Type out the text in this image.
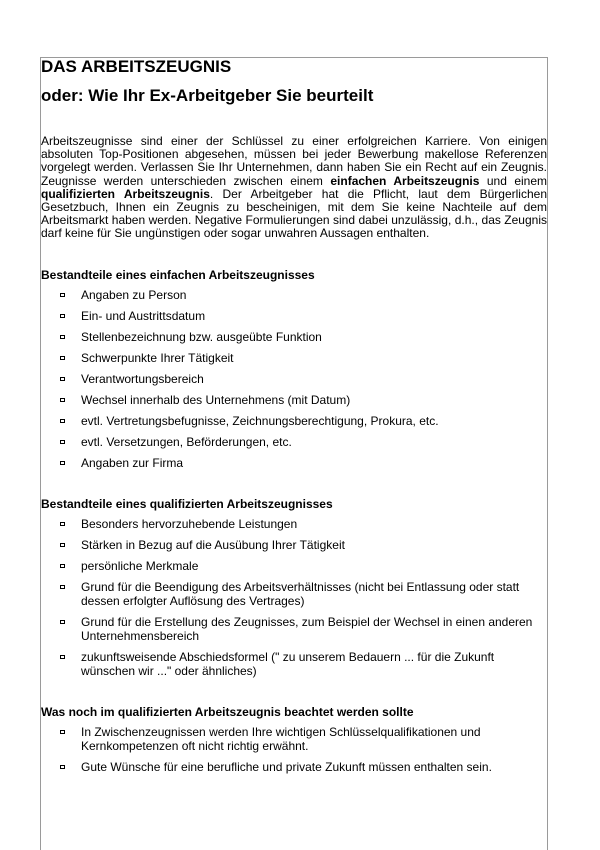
DAS ARBEITSZEUGNIS
oder: Wie Ihr Ex-Arbeitgeber Sie beurteilt

Arbeitszeugnisse sind einer der Schlüssel zu einer erfolgreichen Karriere. Von einigen absoluten Top-Positionen abgesehen, müssen bei jeder Bewerbung makellose Referenzen vorgelegt werden. Verlassen Sie Ihr Unternehmen, dann haben Sie ein Recht auf ein Zeugnis. Zeugnisse werden unterschieden zwischen einem einfachen Arbeitszeugnis und einem qualifizierten Arbeitszeugnis. Der Arbeitgeber hat die Pflicht, laut dem Bürgerlichen Gesetzbuch, Ihnen ein Zeugnis zu bescheinigen, mit dem Sie keine Nachteile auf dem Arbeitsmarkt haben werden. Negative Formulierungen sind dabei unzulässig, d.h., das Zeugnis darf keine für Sie ungünstigen oder sogar unwahren Aussagen enthalten.

Bestandteile eines einfachen Arbeitszeugnisses

Angaben zu Person
Ein- und Austrittsdatum
Stellenbezeichnung bzw. ausgeübte Funktion
Schwerpunkte Ihrer Tätigkeit
Verantwortungsbereich
Wechsel innerhalb des Unternehmens (mit Datum)
evtl. Vertretungsbefugnisse, Zeichnungsberechtigung, Prokura, etc.
evtl. Versetzungen, Beförderungen, etc.
Angaben zur Firma

Bestandteile eines qualifizierten Arbeitszeugnisses

Besonders hervorzuhebende Leistungen
Stärken in Bezug auf die Ausübung Ihrer Tätigkeit
persönliche Merkmale
Grund für die Beendigung des Arbeitsverhältnisses (nicht bei Entlassung oder statt dessen erfolgter Auflösung des Vertrages)
Grund für die Erstellung des Zeugnisses, zum Beispiel der Wechsel in einen anderen Unternehmensbereich
zukunftsweisende Abschiedsformel (" zu unserem Bedauern ... für die Zukunft wünschen wir ..." oder ähnliches)

Was noch im qualifizierten Arbeitszeugnis beachtet werden sollte

In Zwischenzeugnissen werden Ihre wichtigen Schlüsselqualifikationen und Kernkompetenzen oft nicht richtig erwähnt.
Gute Wünsche für eine berufliche und private Zukunft müssen enthalten sein.
